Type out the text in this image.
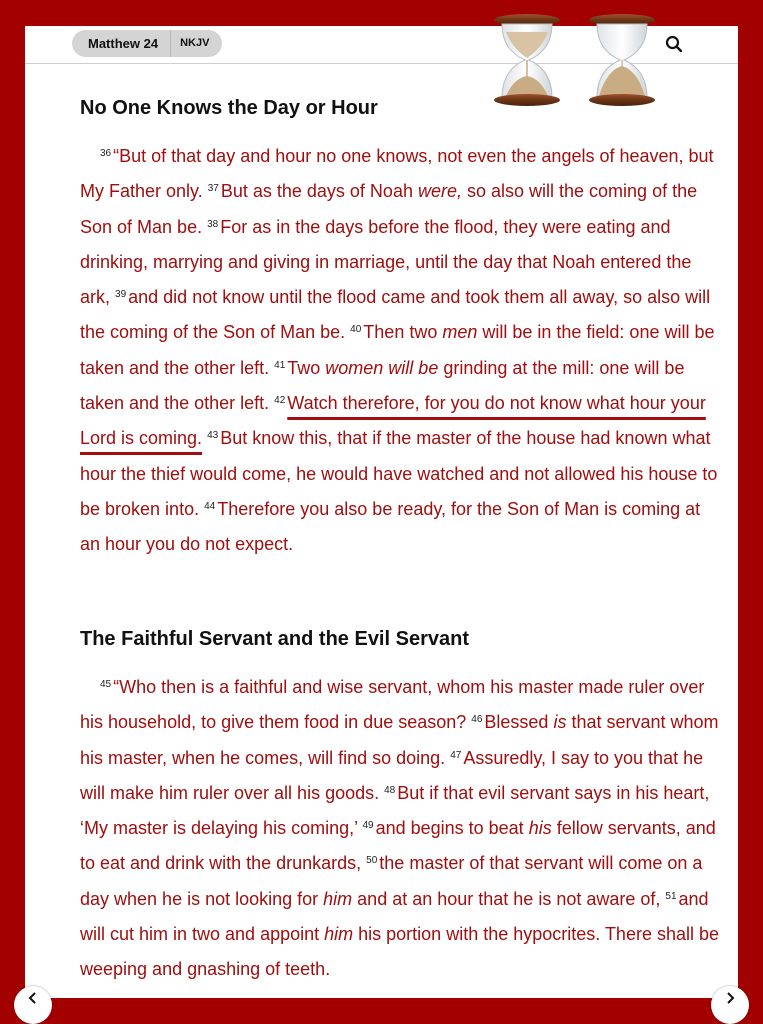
Matthew 24	NKJV
No One Knows the Day or Hour

$^{36}$ “But of that day and hour no one knows, not even the angels of heaven, but My Father only. $^{37}$ But as the days of Noah were, so also will the coming of the Son of Man be. $^{38}$ For as in the days before the flood, they were eating and drinking, marrying and giving in marriage, until the day that Noah entered the ark, $^{39}$ and did not know until the flood came and took them all away, so also will the coming of the Son of Man be. $^{40}$ Then two men will be in the field: one will be taken and the other left. $^{41}$ Two women will be grinding at the mill: one will be taken and the other left. $^{42}$ Watch therefore, for you do not know what hour your Lord is coming. $^{43}$ But know this, that if the master of the house had known what hour the thief would come, he would have watched and not allowed his house to be broken into. $^{44}$ Therefore you also be ready, for the Son of Man is coming at an hour you do not expect.

The Faithful Servant and the Evil Servant

$^{45}$ “Who then is a faithful and wise servant, whom his master made ruler over his household, to give them food in due season? $^{46}$ Blessed is that servant whom his master, when he comes, will find so doing. $^{47}$ Assuredly, I say to you that he will make him ruler over all his goods. $^{48}$ But if that evil servant says in his heart, ‘My master is delaying his coming,’ $^{49}$ and begins to beat his fellow servants, and to eat and drink with the drunkards, $^{50}$ the master of that servant will come on a day when he is not looking for him and at an hour that he is not aware of, $^{51}$ and will cut him in two and appoint him his portion with the hypocrites. There shall be weeping and gnashing of teeth.
